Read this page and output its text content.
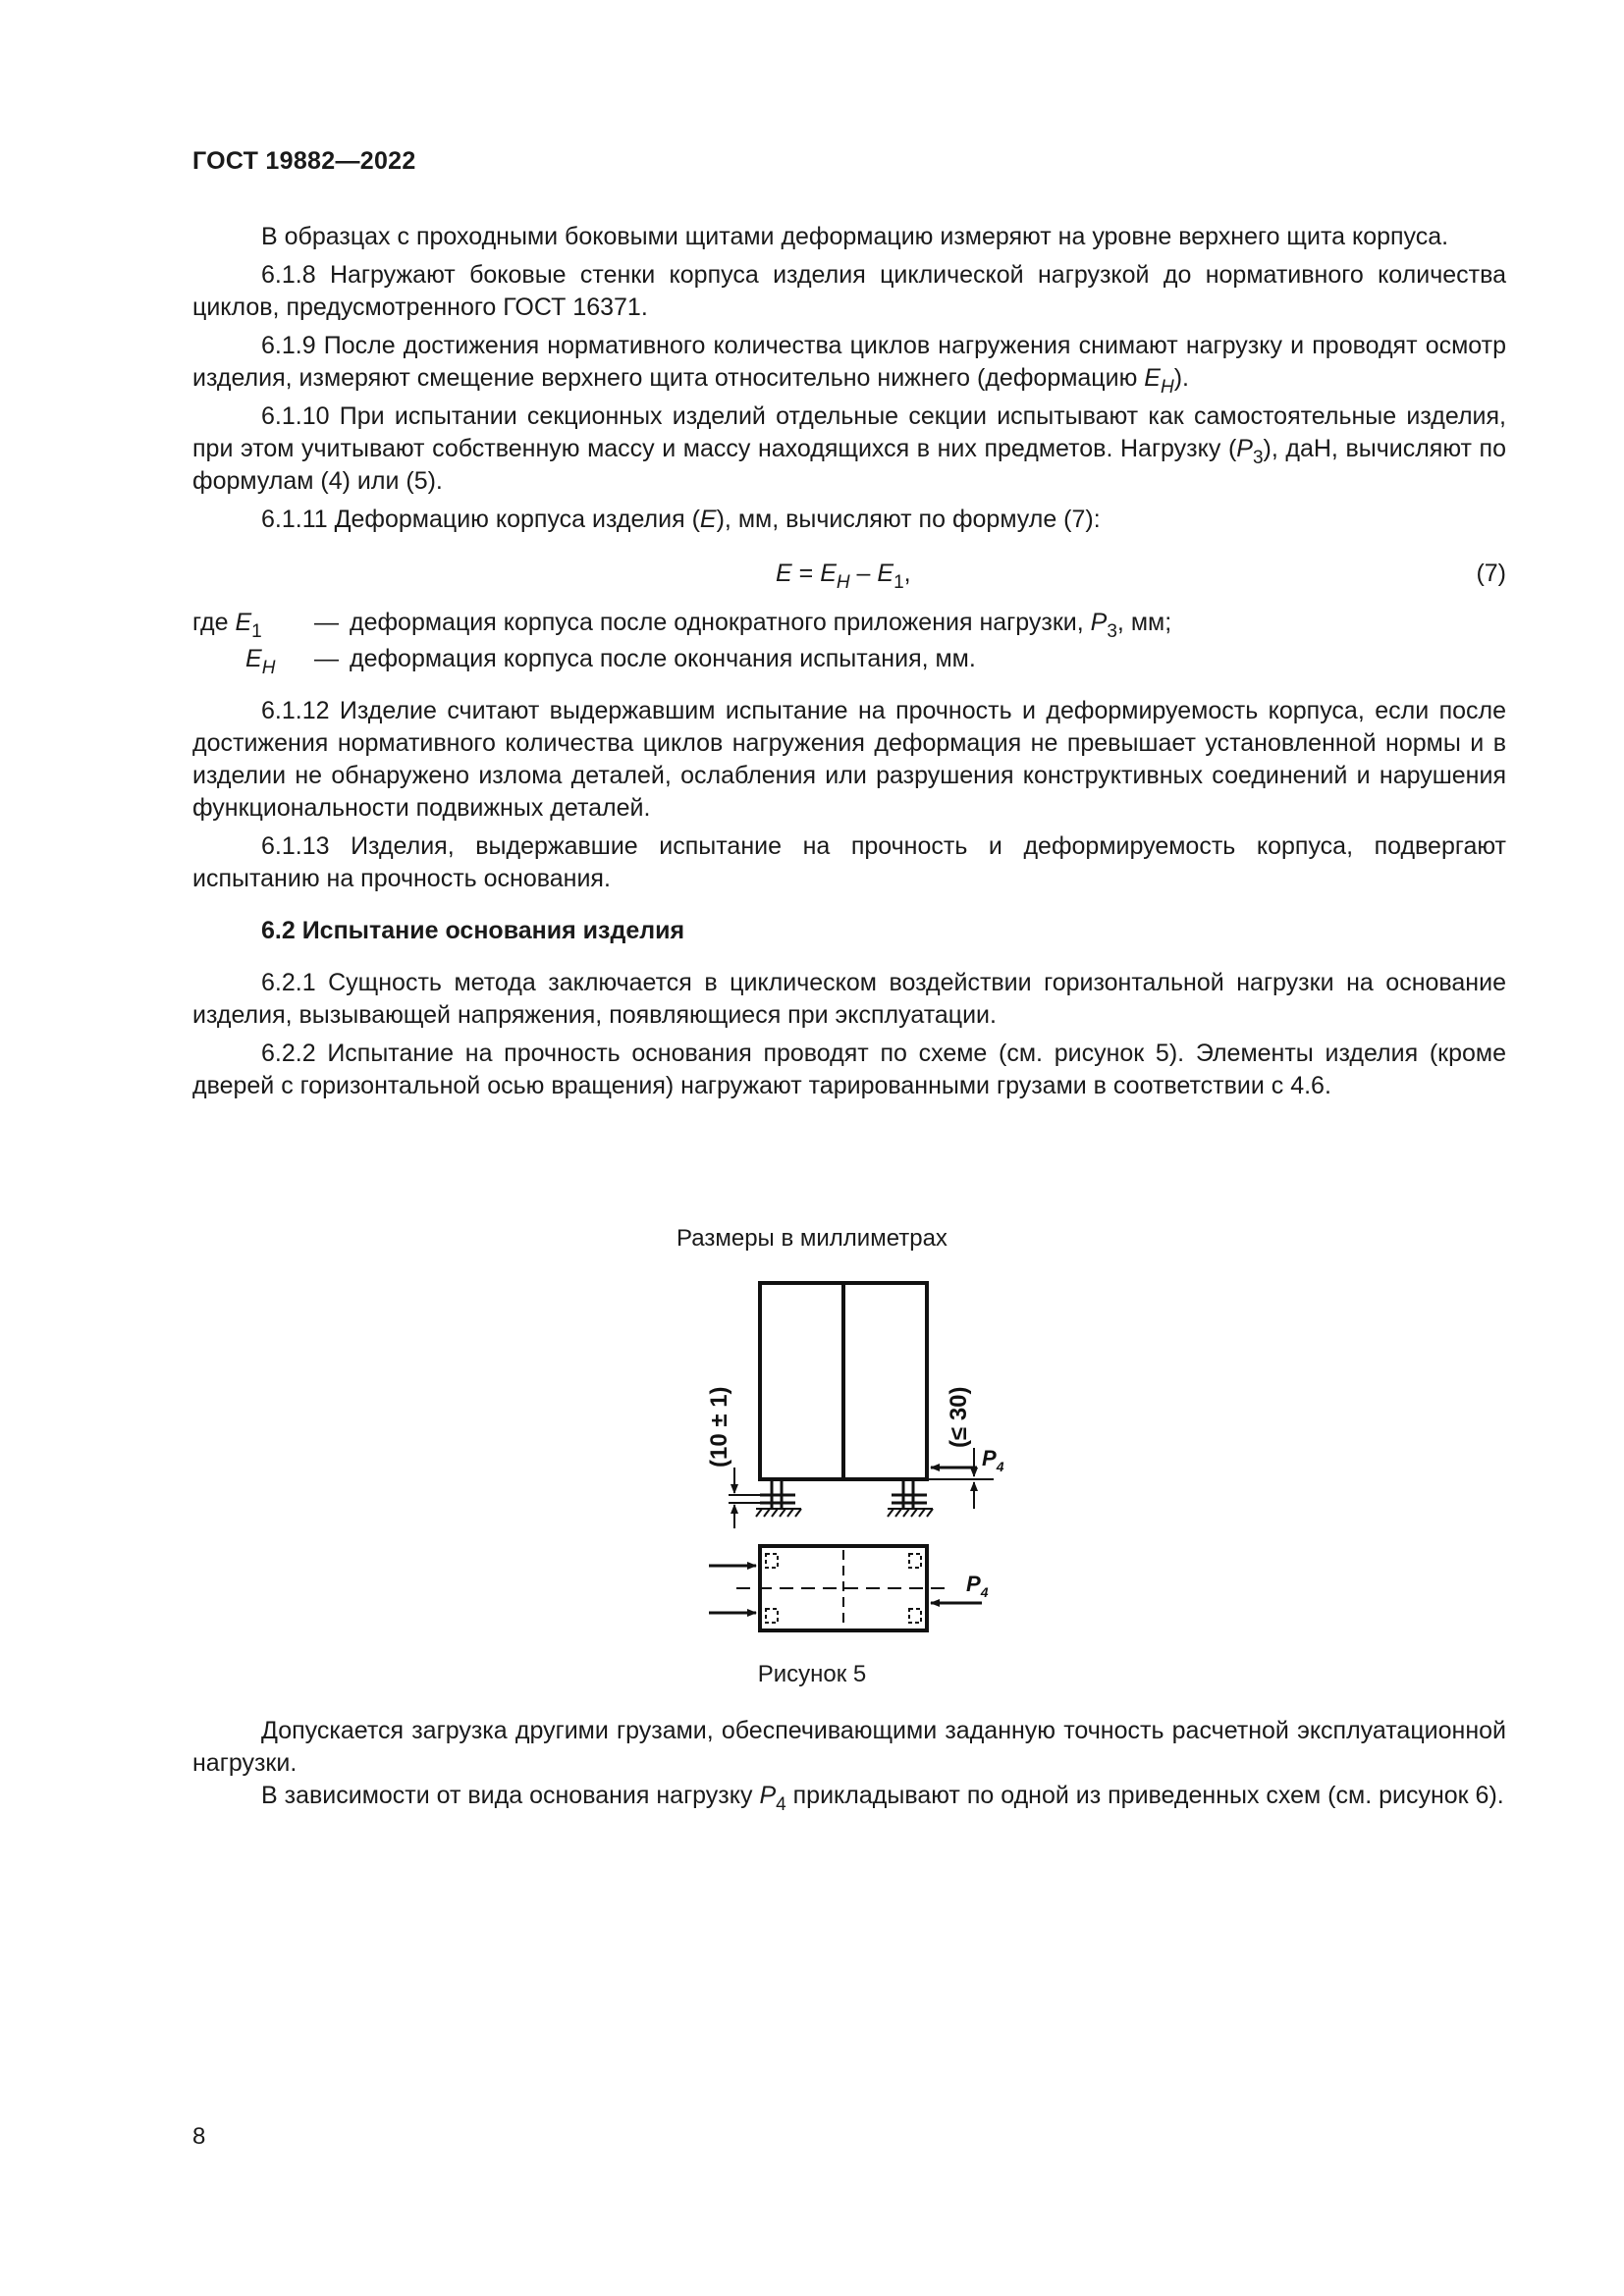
ГОСТ 19882—2022

В образцах с проходными боковыми щитами деформацию измеряют на уровне верхнего щита корпуса.

6.1.8 Нагружают боковые стенки корпуса изделия циклической нагрузкой до нормативного количества циклов, предусмотренного ГОСТ 16371.

6.1.9 После достижения нормативного количества циклов нагружения снимают нагрузку и проводят осмотр изделия, измеряют смещение верхнего щита относительно нижнего (деформацию $E_H$).

6.1.10 При испытании секционных изделий отдельные секции испытывают как самостоятельные изделия, при этом учитывают собственную массу и массу находящихся в них предметов. Нагрузку $(P_3)$, даН, вычисляют по формулам (4) или (5).

6.1.11 Деформацию корпуса изделия (E), мм, вычисляют по формуле (7):

$E = E_H - E_1$,	(7)
где $E_1$ — деформация корпуса после однократного приложения нагрузки, $P_3$, мм;
$E_H$ — деформация корпуса после окончания испытания, мм.

6.1.12 Изделие считают выдержавшим испытание на прочность и деформируемость корпуса, если после достижения нормативного количества циклов нагружения деформация не превышает установленной нормы и в изделии не обнаружено излома деталей, ослабления или разрушения конструктивных соединений и нарушения функциональности подвижных деталей.

6.1.13 Изделия, выдержавшие испытание на прочность и деформируемость корпуса, подвергают испытанию на прочность основания.

6.2 Испытание основания изделия

6.2.1 Сущность метода заключается в циклическом воздействии горизонтальной нагрузки на основание изделия, вызывающей напряжения, появляющиеся при эксплуатации.

6.2.2 Испытание на прочность основания проводят по схеме (см. рисунок 5). Элементы изделия (кроме дверей с горизонтальной осью вращения) нагружают тарированными грузами в соответствии с 4.6.

Размеры в миллиметрах
(10 ± 1)	(≤ 30)
$P_4$
$P_4$
Рисунок 5

Допускается загрузка другими грузами, обеспечивающими заданную точность расчетной эксплуатационной нагрузки.

В зависимости от вида основания нагрузку $P_4$ прикладывают по одной из приведенных схем (см. рисунок 6).

8
